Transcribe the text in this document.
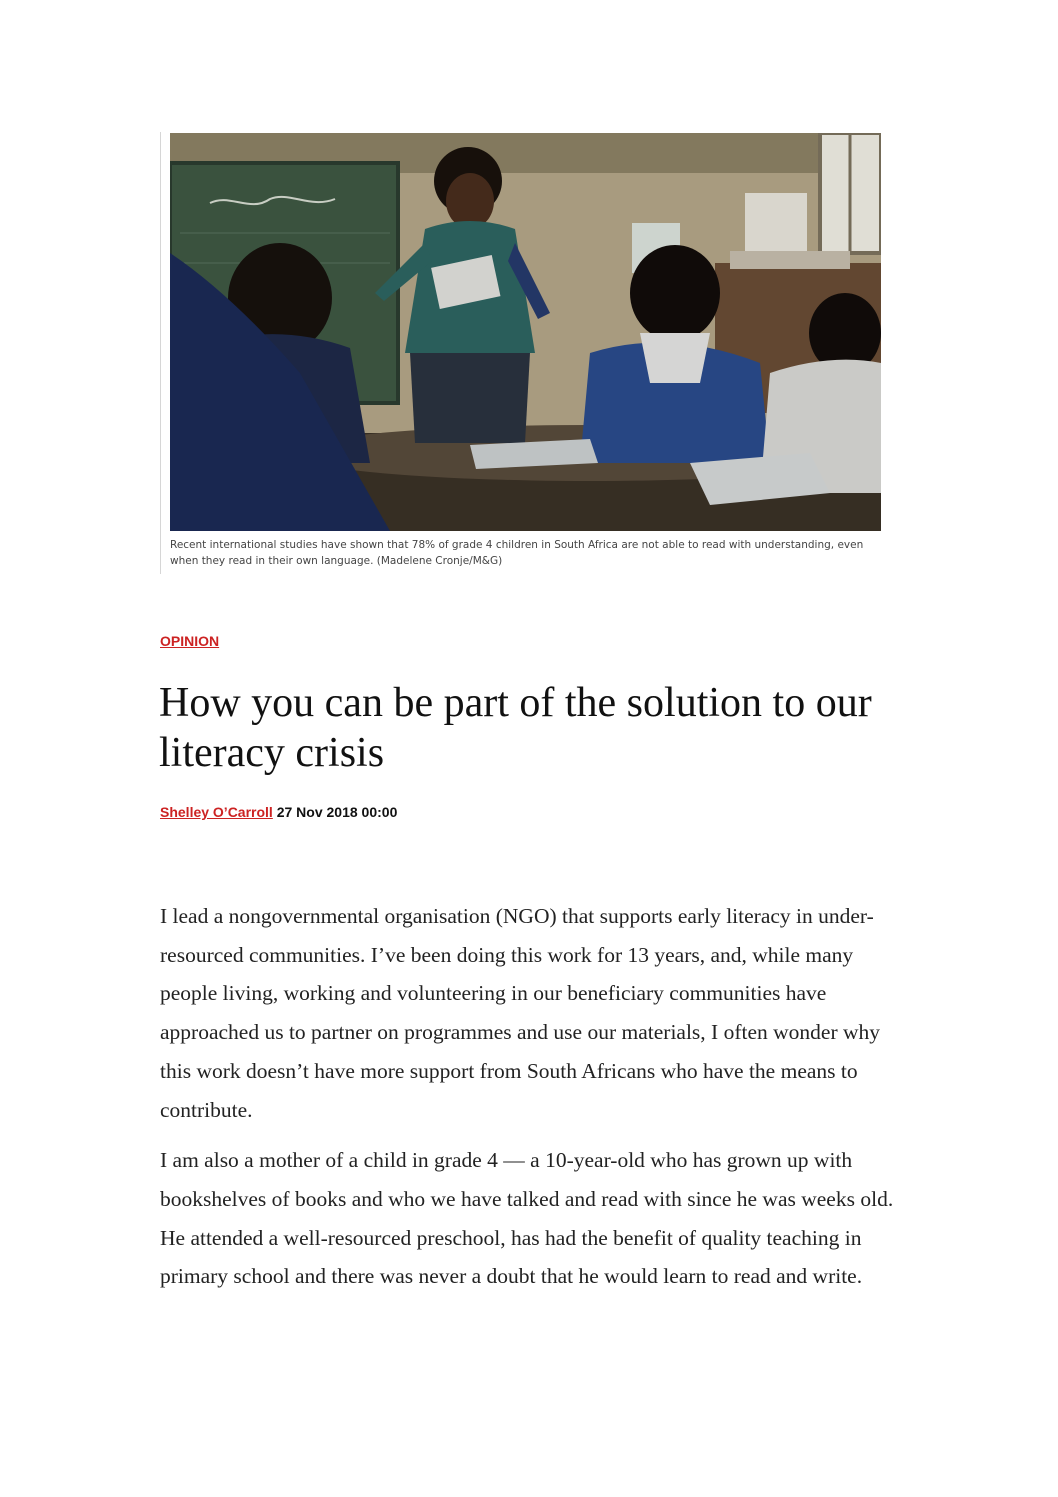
Recent international studies have shown that 78% of grade 4 children in South Africa are not able to read with understanding, even when they read in their own language. (Madelene Cronje/M&G)

OPINION

How you can be part of the solution to our literacy crisis
Shelley O’Carroll 27 Nov 2018 00:00

I lead a nongovernmental organisation (NGO) that supports early literacy in under-resourced communities. I’ve been doing this work for 13 years, and, while many people living, working and volunteering in our beneficiary communities have approached us to partner on programmes and use our materials, I often wonder why this work doesn’t have more support from South Africans who have the means to contribute.

I am also a mother of a child in grade 4 — a 10-year-old who has grown up with bookshelves of books and who we have talked and read with since he was weeks old. He attended a well-resourced preschool, has had the benefit of quality teaching in primary school and there was never a doubt that he would learn to read and write.
